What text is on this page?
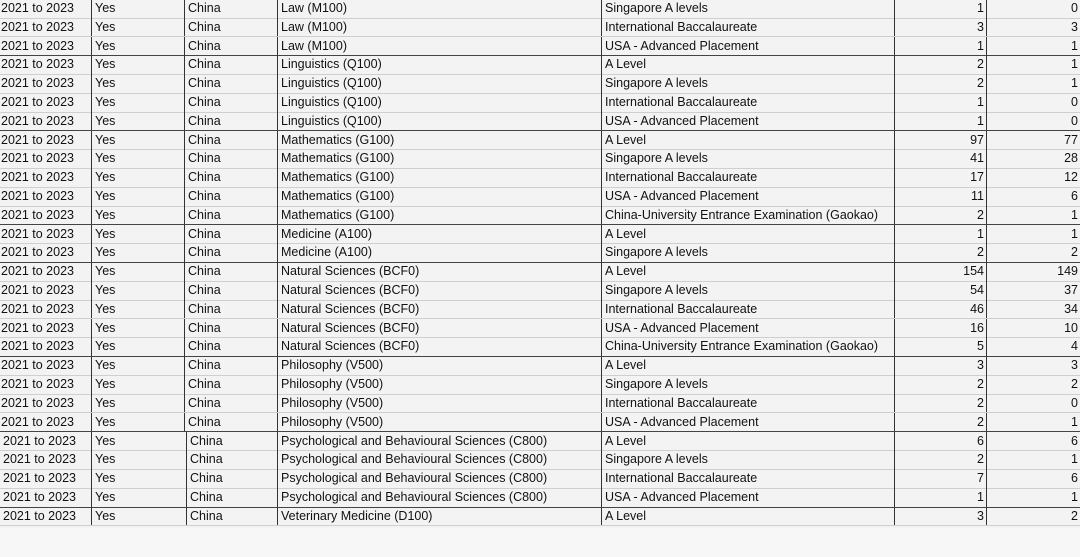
2021 to 2023	Yes	China	Law (M100)	Singapore A levels	1	0
2021 to 2023	Yes	China	Law (M100)	International Baccalaureate	3	3
2021 to 2023	Yes	China	Law (M100)	USA - Advanced Placement	1	1
2021 to 2023	Yes	China	Linguistics (Q100)	A Level	2	1
2021 to 2023	Yes	China	Linguistics (Q100)	Singapore A levels	2	1
2021 to 2023	Yes	China	Linguistics (Q100)	International Baccalaureate	1	0
2021 to 2023	Yes	China	Linguistics (Q100)	USA - Advanced Placement	1	0
2021 to 2023	Yes	China	Mathematics (G100)	A Level	97	77
2021 to 2023	Yes	China	Mathematics (G100)	Singapore A levels	41	28
2021 to 2023	Yes	China	Mathematics (G100)	International Baccalaureate	17	12
2021 to 2023	Yes	China	Mathematics (G100)	USA - Advanced Placement	11	6
2021 to 2023	Yes	China	Mathematics (G100)	China-University Entrance Examination (Gaokao)	2	1
2021 to 2023	Yes	China	Medicine (A100)	A Level	1	1
2021 to 2023	Yes	China	Medicine (A100)	Singapore A levels	2	2
2021 to 2023	Yes	China	Natural Sciences (BCF0)	A Level	154	149
2021 to 2023	Yes	China	Natural Sciences (BCF0)	Singapore A levels	54	37
2021 to 2023	Yes	China	Natural Sciences (BCF0)	International Baccalaureate	46	34
2021 to 2023	Yes	China	Natural Sciences (BCF0)	USA - Advanced Placement	16	10
2021 to 2023	Yes	China	Natural Sciences (BCF0)	China-University Entrance Examination (Gaokao)	5	4
2021 to 2023	Yes	China	Philosophy (V500)	A Level	3	3
2021 to 2023	Yes	China	Philosophy (V500)	Singapore A levels	2	2
2021 to 2023	Yes	China	Philosophy (V500)	International Baccalaureate	2	0
2021 to 2023	Yes	China	Philosophy (V500)	USA - Advanced Placement	2	1
2021 to 2023	Yes	China	Psychological and Behavioural Sciences (C800)	A Level	6	6
2021 to 2023	Yes	China	Psychological and Behavioural Sciences (C800)	Singapore A levels	2	1
2021 to 2023	Yes	China	Psychological and Behavioural Sciences (C800)	International Baccalaureate	7	6
2021 to 2023	Yes	China	Psychological and Behavioural Sciences (C800)	USA - Advanced Placement	1	1
2021 to 2023	Yes	China	Veterinary Medicine (D100)	A Level	3	2
